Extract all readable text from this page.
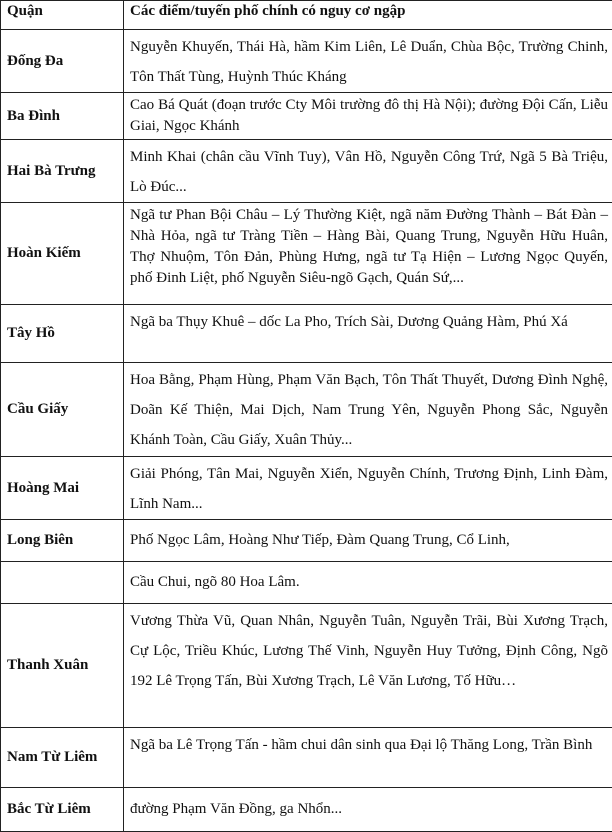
Quận	Các điểm/tuyến phố chính có nguy cơ ngập
Đống Đa	Nguyễn Khuyến, Thái Hà, hầm Kim Liên, Lê Duẩn, Chùa Bộc, Trường Chinh, Tôn Thất Tùng, Huỳnh Thúc Kháng
Ba Đình	Cao Bá Quát (đoạn trước Cty Môi trường đô thị Hà Nội); đường Đội Cấn, Liễu Giai, Ngọc Khánh
Hai Bà Trưng	Minh Khai (chân cầu Vĩnh Tuy), Vân Hồ, Nguyễn Công Trứ, Ngã 5 Bà Triệu, Lò Đúc...
Hoàn Kiếm	Ngã tư Phan Bội Châu – Lý Thường Kiệt, ngã năm Đường Thành – Bát Đàn – Nhà Hỏa, ngã tư Tràng Tiền – Hàng Bài, Quang Trung, Nguyễn Hữu Huân, Thợ Nhuộm, Tôn Đản, Phùng Hưng, ngã tư Tạ Hiện – Lương Ngọc Quyến, phố Đinh Liệt, phố Nguyễn Siêu-ngõ Gạch, Quán Sứ,...
Tây Hồ	Ngã ba Thụy Khuê – dốc La Pho, Trích Sài, Dương Quảng Hàm, Phú Xá
Cầu Giấy	Hoa Bằng, Phạm Hùng, Phạm Văn Bạch, Tôn Thất Thuyết, Dương Đình Nghệ, Doãn Kế Thiện, Mai Dịch, Nam Trung Yên, Nguyễn Phong Sắc, Nguyễn Khánh Toàn, Cầu Giấy, Xuân Thủy...
Hoàng Mai	Giải Phóng, Tân Mai, Nguyễn Xiển, Nguyễn Chính, Trương Định, Linh Đàm, Lĩnh Nam...
Long Biên	Phố Ngọc Lâm, Hoàng Như Tiếp, Đàm Quang Trung, Cổ Linh,
	Cầu Chui, ngõ 80 Hoa Lâm.
Thanh Xuân	Vương Thừa Vũ, Quan Nhân, Nguyễn Tuân, Nguyễn Trãi, Bùi Xương Trạch, Cự Lộc, Triều Khúc, Lương Thế Vinh, Nguyễn Huy Tưởng, Định Công, Ngõ 192 Lê Trọng Tấn, Bùi Xương Trạch, Lê Văn Lương, Tố Hữu…
Nam Từ Liêm	Ngã ba Lê Trọng Tấn - hầm chui dân sinh qua Đại lộ Thăng Long, Trần Bình
Bắc Từ Liêm	đường Phạm Văn Đồng, ga Nhổn...
